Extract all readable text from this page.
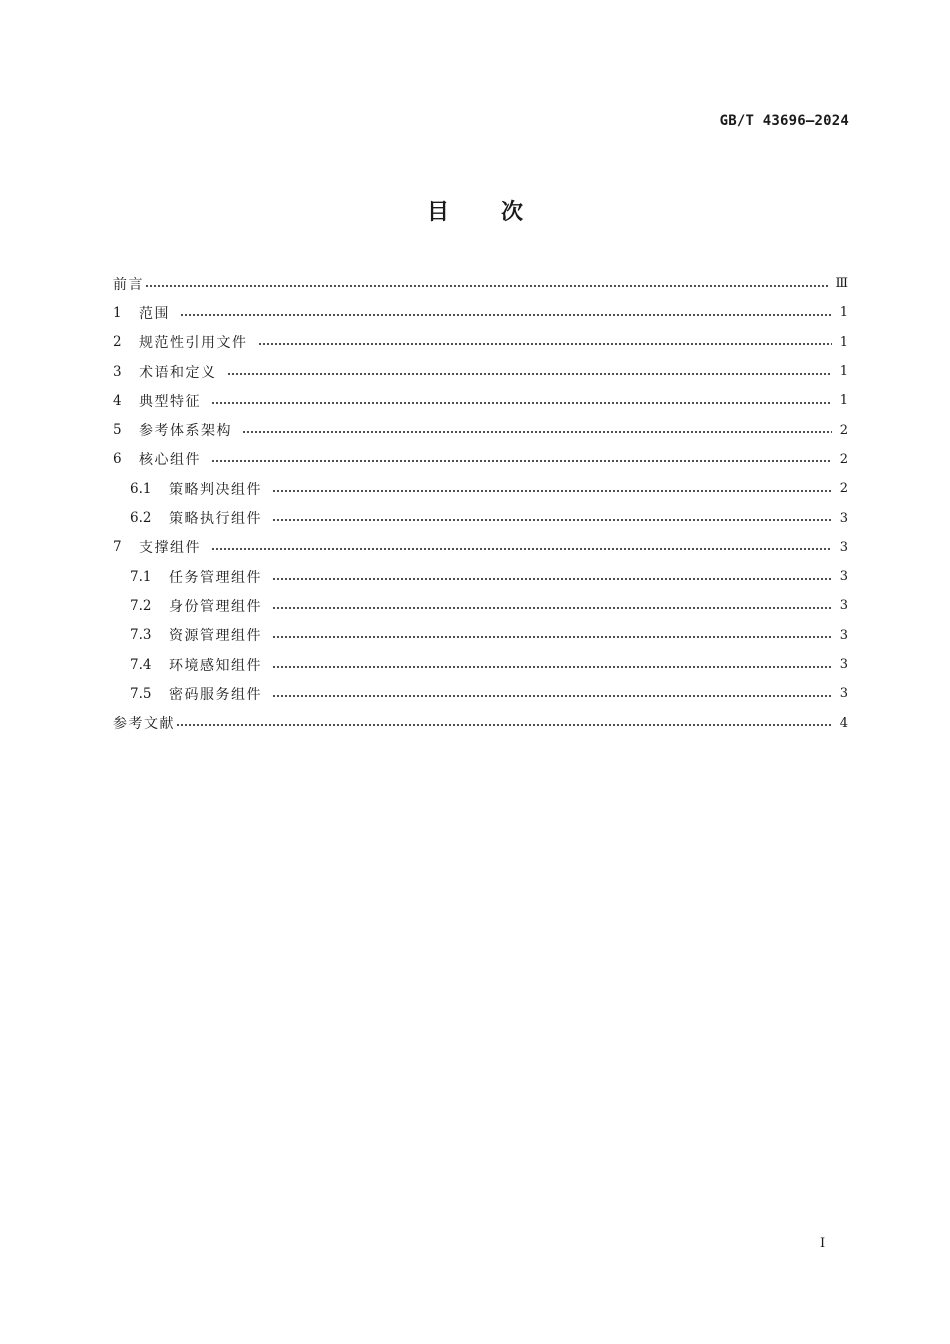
GB/T 43696—2024
目 次
前言	Ⅲ
1	范围	1
2	规范性引用文件	1
3	术语和定义	1
4	典型特征	1
5	参考体系架构	2
6	核心组件	2
6.1	策略判决组件	2
6.2	策略执行组件	3
7	支撑组件	3
7.1	任务管理组件	3
7.2	身份管理组件	3
7.3	资源管理组件	3
7.4	环境感知组件	3
7.5	密码服务组件	3
参考文献	4
I
